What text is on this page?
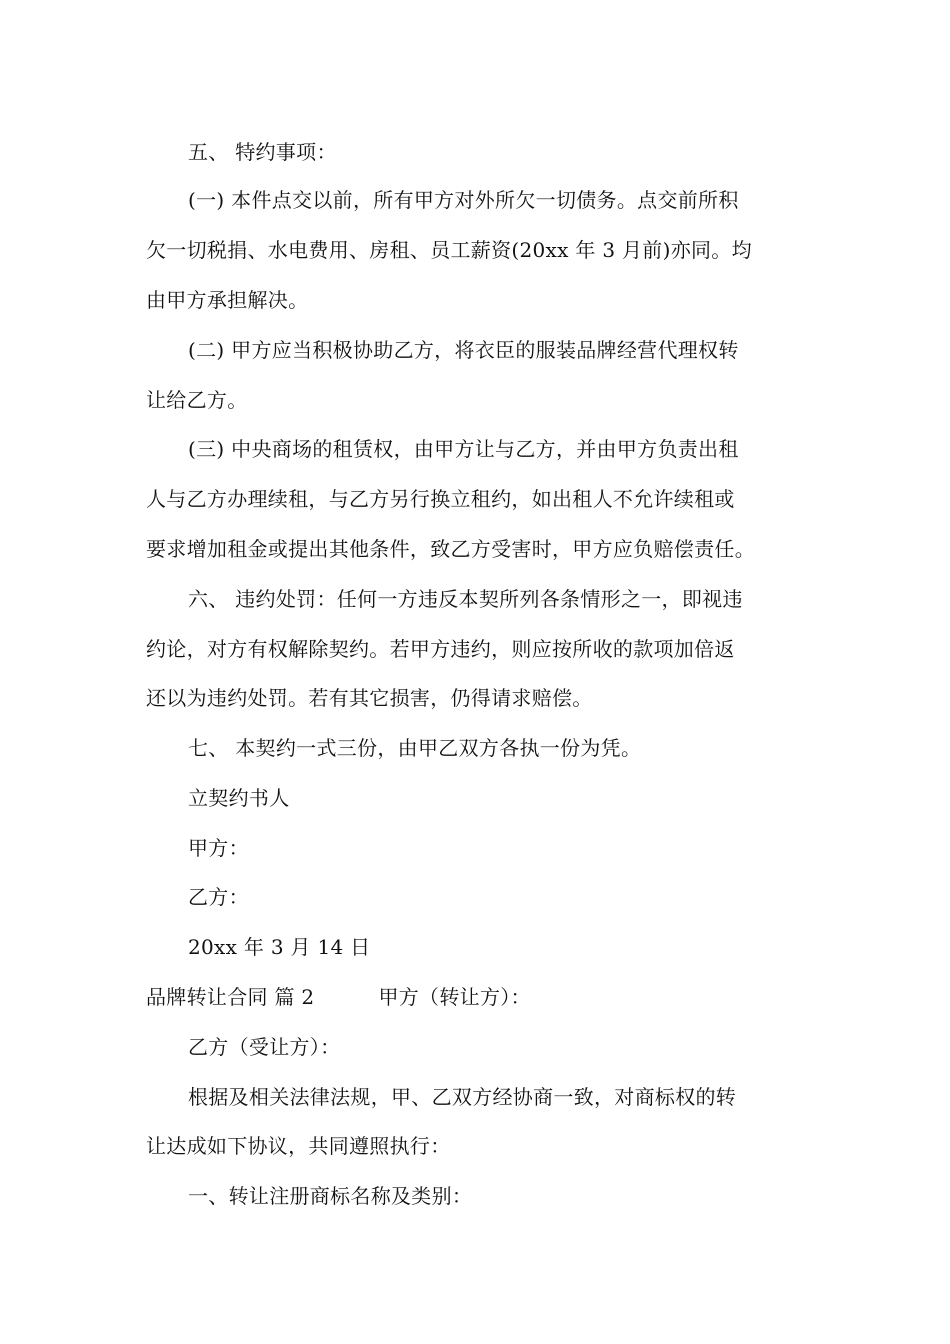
五、 特约事项：
(一) 本件点交以前，所有甲方对外所欠一切债务。点交前所积
欠一切税捐、水电费用、房租、员工薪资(20xx 年 3 月前)亦同。均
由甲方承担解决。
(二) 甲方应当积极协助乙方，将衣臣的服装品牌经营代理权转
让给乙方。
(三) 中央商场的租赁权，由甲方让与乙方，并由甲方负责出租
人与乙方办理续租，与乙方另行换立租约，如出租人不允许续租或
要求增加租金或提出其他条件，致乙方受害时，甲方应负赔偿责任。
六、 违约处罚：任何一方违反本契所列各条情形之一，即视违
约论，对方有权解除契约。若甲方违约，则应按所收的款项加倍返
还以为违约处罚。若有其它损害，仍得请求赔偿。
七、 本契约一式三份，由甲乙双方各执一份为凭。
立契约书人
甲方：
乙方：
20xx 年 3 月 14 日
品牌转让合同 篇 2	甲方（转让方）：
乙方（受让方）：
根据及相关法律法规，甲、乙双方经协商一致，对商标权的转
让达成如下协议，共同遵照执行：
一、转让注册商标名称及类别：
